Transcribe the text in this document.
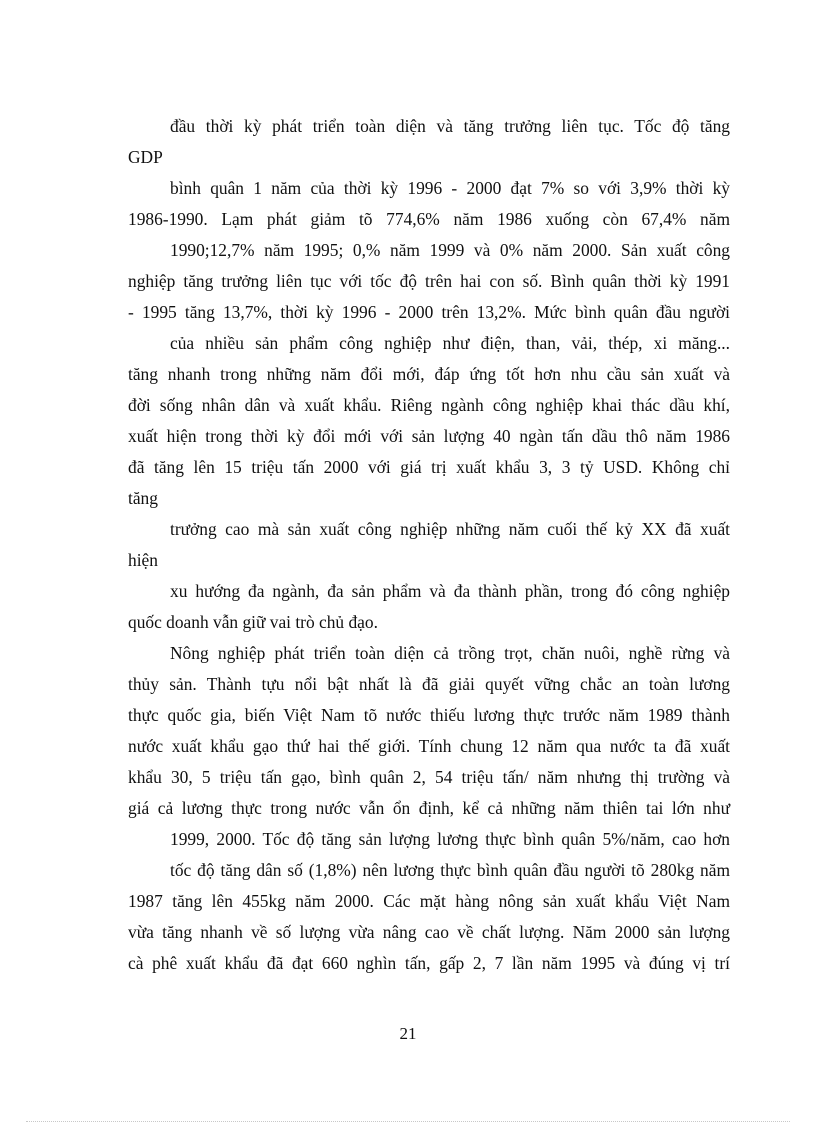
đầu thời kỳ phát triển toàn diện và tăng trưởng liên tục. Tốc độ tăng
GDP
bình quân 1 năm của thời kỳ 1996 - 2000 đạt 7% so với 3,9% thời kỳ
1986-1990. Lạm phát giảm tõ 774,6% năm 1986 xuống còn 67,4% năm
1990;12,7% năm 1995; 0,% năm 1999 và 0% năm 2000. Sản xuất công
nghiệp tăng trưởng liên tục với tốc độ trên hai con số. Bình quân thời kỳ 1991
- 1995 tăng 13,7%, thời kỳ 1996 - 2000 trên 13,2%. Mức bình quân đầu người
của nhiều sản phẩm công nghiệp như điện, than, vải, thép, xi măng...
tăng nhanh trong những năm đổi mới, đáp ứng tốt hơn nhu cầu sản xuất và
đời sống nhân dân và xuất khẩu. Riêng ngành công nghiệp khai thác dầu khí,
xuất hiện trong thời kỳ đổi mới với sản lượng 40 ngàn tấn dầu thô năm 1986
đã tăng lên 15 triệu tấn 2000 với giá trị xuất khẩu 3, 3 tỷ USD. Không chỉ
tăng
trưởng cao mà sản xuất công nghiệp những năm cuối thế kỷ XX đã xuất
hiện
xu hướng đa ngành, đa sản phẩm và đa thành phần, trong đó công nghiệp
quốc doanh vẫn giữ vai trò chủ đạo.
Nông nghiệp phát triển toàn diện cả trồng trọt, chăn nuôi, nghề rừng và
thủy sản. Thành tựu nổi bật nhất là đã giải quyết vững chắc an toàn lương
thực quốc gia, biến Việt Nam tõ nước thiếu lương thực trước năm 1989 thành
nước xuất khẩu gạo thứ hai thế giới. Tính chung 12 năm qua nước ta đã xuất
khẩu 30, 5 triệu tấn gạo, bình quân 2, 54 triệu tấn/ năm nhưng thị trường và
giá cả lương thực trong nước vẫn ổn định, kể cả những năm thiên tai lớn như
1999, 2000. Tốc độ tăng sản lượng lương thực bình quân 5%/năm, cao hơn
tốc độ tăng dân số (1,8%) nên lương thực bình quân đầu người tõ 280kg năm
1987 tăng lên 455kg năm 2000. Các mặt hàng nông sản xuất khẩu Việt Nam
vừa tăng nhanh về số lượng vừa nâng cao về chất lượng. Năm 2000 sản lượng
cà phê xuất khẩu đã đạt 660 nghìn tấn, gấp 2, 7 lần năm 1995 và đúng vị trí
21
